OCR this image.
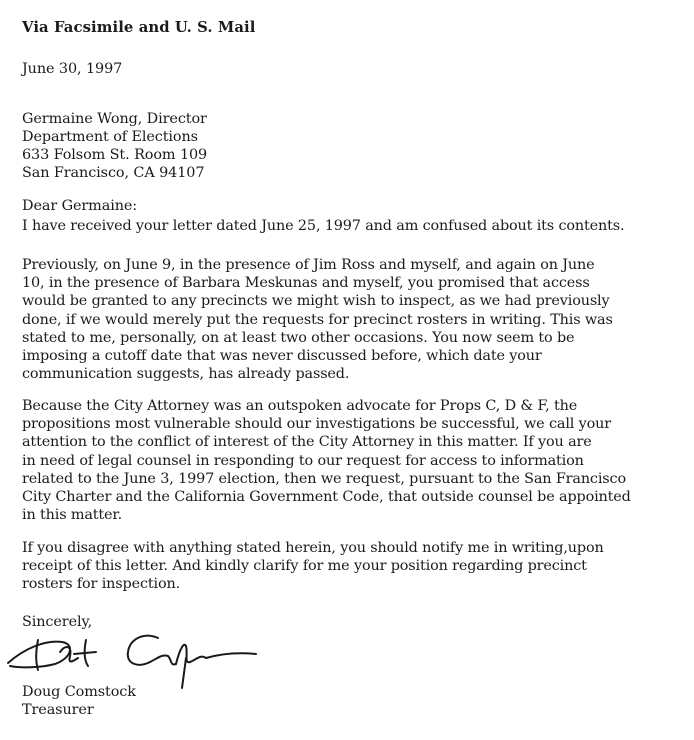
Via Facsimile and U. S. Mail
June 30, 1997
Germaine Wong, Director
Department of Elections
633 Folsom St. Room 109
San Francisco, CA 94107
Dear Germaine:
I have received your letter dated June 25, 1997 and am confused about its contents.
Previously, on June 9, in the presence of Jim Ross and myself, and again on June
10, in the presence of Barbara Meskunas and myself, you promised that access
would be granted to any precincts we might wish to inspect, as we had previously
done, if we would merely put the requests for precinct rosters in writing. This was
stated to me, personally, on at least two other occasions. You now seem to be
imposing a cutoff date that was never discussed before, which date your
communication suggests, has already passed.
Because the City Attorney was an outspoken advocate for Props C, D & F, the
propositions most vulnerable should our investigations be successful, we call your
attention to the conflict of interest of the City Attorney in this matter. If you are
in need of legal counsel in responding to our request for access to information
related to the June 3, 1997 election, then we request, pursuant to the San Francisco
City Charter and the California Government Code, that outside counsel be appointed
in this matter.
If you disagree with anything stated herein, you should notify me in writing,upon
receipt of this letter. And kindly clarify for me your position regarding precinct
rosters for inspection.
Sincerely,
Doug Comstock
Treasurer
